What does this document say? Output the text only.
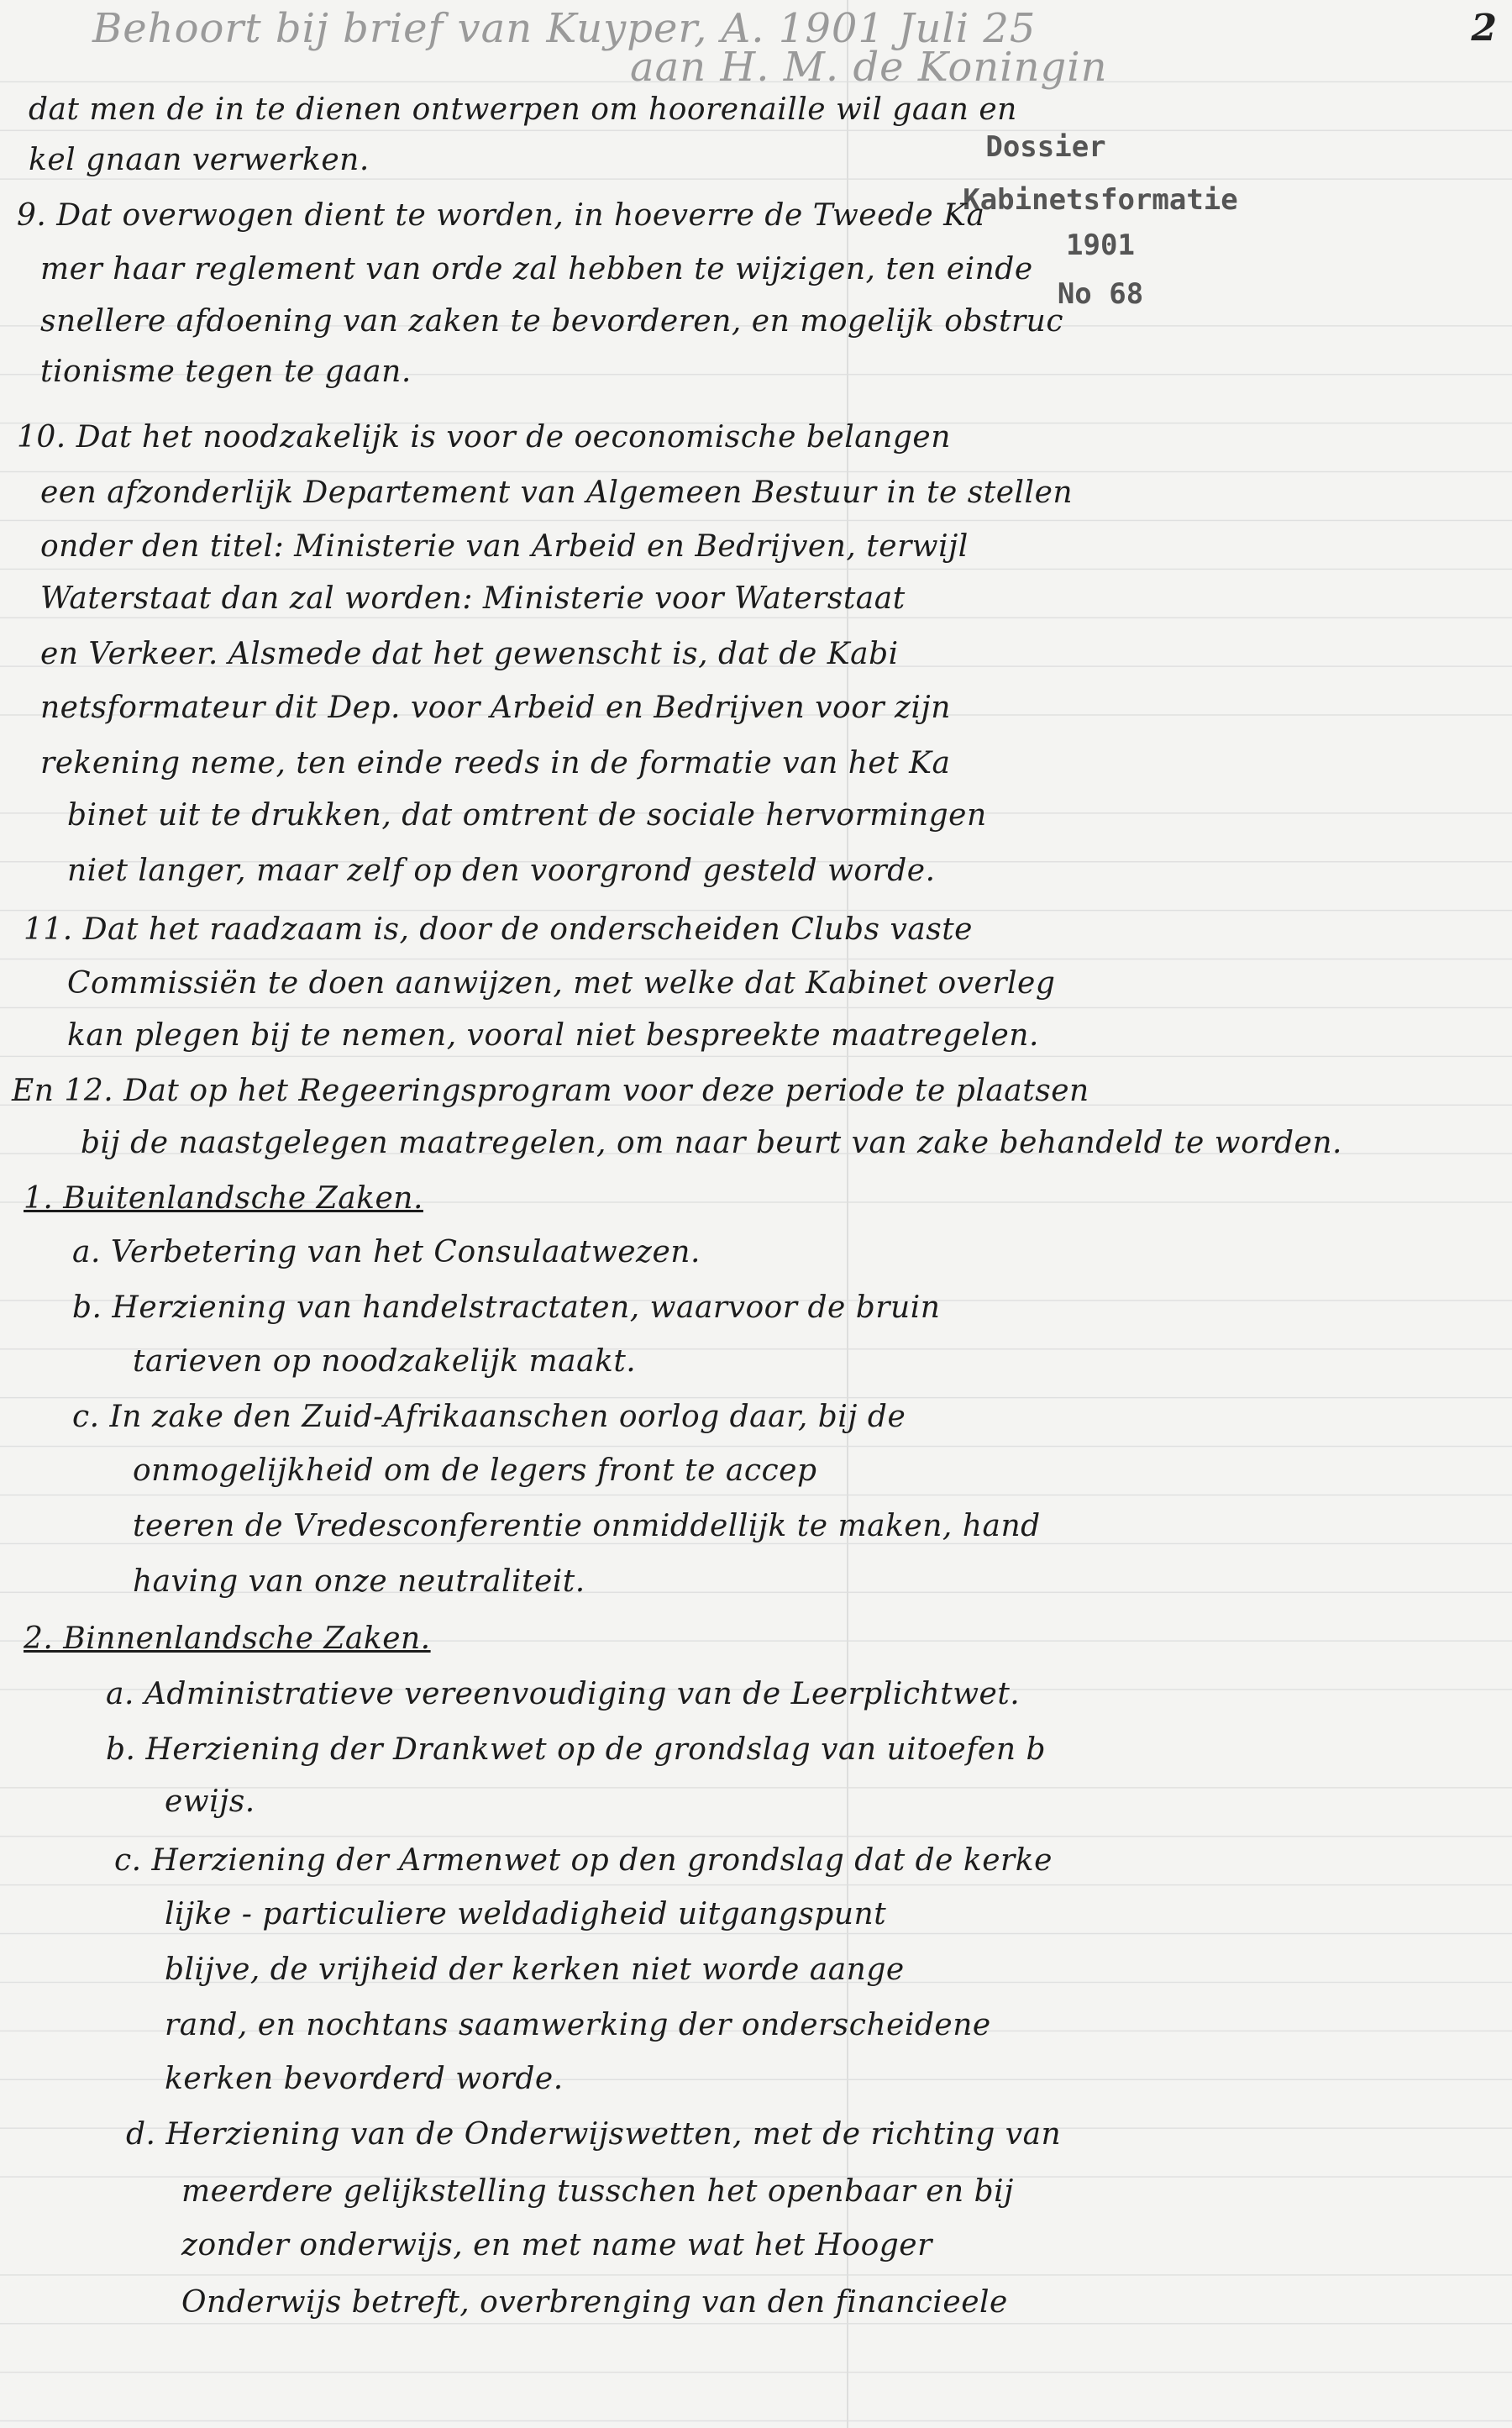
Behoort bij brief van Kuyper, A. 1901 Juli 25
aan H. M. de Koningin
2
Dossier
Kabinetsformatie
1901
No 68
dat men de in te dienen ontwerpen om hoorenaille wil gaan en
kel gnaan verwerken.
9. Dat overwogen dient te worden, in hoeverre de Tweede Ka
mer haar reglement van orde zal hebben te wijzigen, ten einde
snellere afdoening van zaken te bevorderen, en mogelijk obstruc
tionisme tegen te gaan.
10. Dat het noodzakelijk is voor de oeconomische belangen
een afzonderlijk Departement van Algemeen Bestuur in te stellen
onder den titel: Ministerie van Arbeid en Bedrijven, terwijl
Waterstaat dan zal worden: Ministerie voor Waterstaat
en Verkeer. Alsmede dat het gewenscht is, dat de Kabi
netsformateur dit Dep. voor Arbeid en Bedrijven voor zijn
rekening neme, ten einde reeds in de formatie van het Ka
binet uit te drukken, dat omtrent de sociale hervormingen
niet langer, maar zelf op den voorgrond gesteld worde.
11. Dat het raadzaam is, door de onderscheiden Clubs vaste
Commissiën te doen aanwijzen, met welke dat Kabinet overleg
kan plegen bij te nemen, vooral niet bespreekte maatregelen.
En 12. Dat op het Regeeringsprogram voor deze periode te plaatsen
bij de naastgelegen maatregelen, om naar beurt van zake behandeld te worden.
1. Buitenlandsche Zaken.
a. Verbetering van het Consulaatwezen.
b. Herziening van handelstractaten, waarvoor de bruin
tarieven op noodzakelijk maakt.
c. In zake den Zuid-Afrikaanschen oorlog daar, bij de
onmogelijkheid om de legers front te accep
teeren de Vredesconferentie onmiddellijk te maken, hand
having van onze neutraliteit.
2. Binnenlandsche Zaken.
a. Administratieve vereenvoudiging van de Leerplichtwet.
b. Herziening der Drankwet op de grondslag van uitoefen b
ewijs.
c. Herziening der Armenwet op den grondslag dat de kerke
lijke - particuliere weldadigheid uitgangspunt
blijve, de vrijheid der kerken niet worde aange
rand, en nochtans saamwerking der onderscheidene
kerken bevorderd worde.
d. Herziening van de Onderwijswetten, met de richting van
meerdere gelijkstelling tusschen het openbaar en bij
zonder onderwijs, en met name wat het Hooger
Onderwijs betreft, overbrenging van den financieele
